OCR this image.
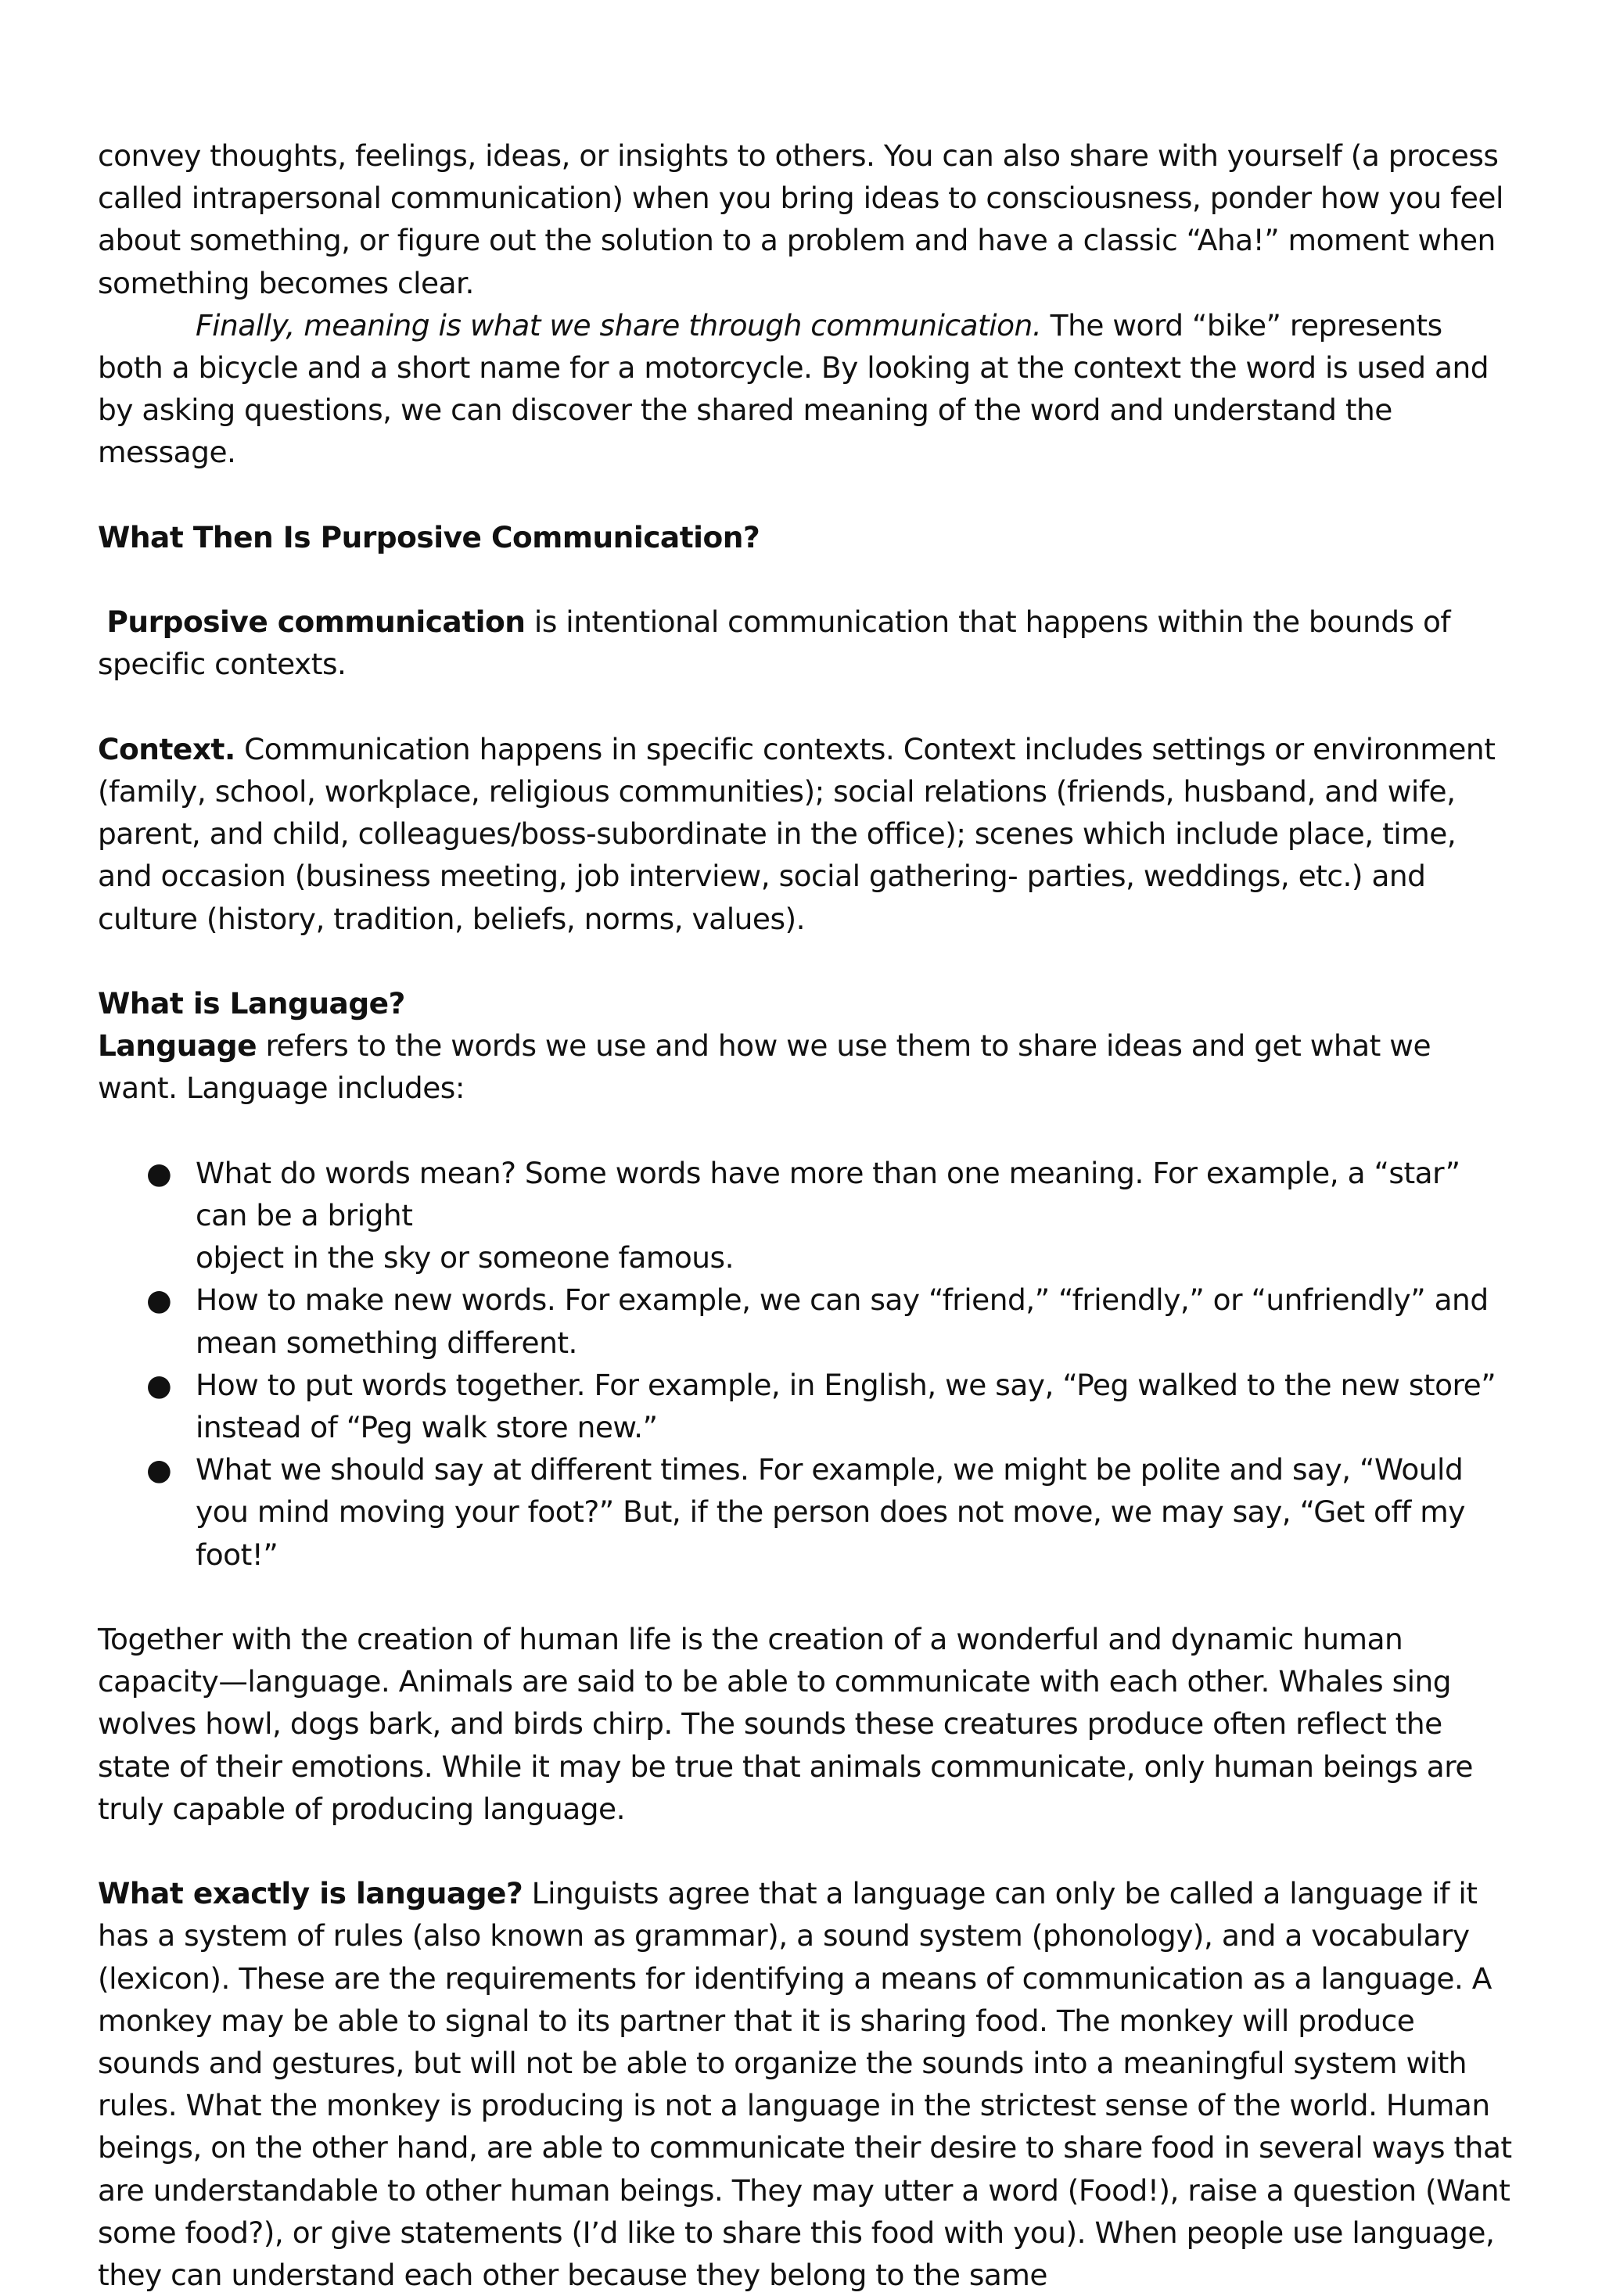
convey thoughts, feelings, ideas, or insights to others. You can also share with yourself (a process called intrapersonal communication) when you bring ideas to consciousness, ponder how you feel about something, or figure out the solution to a problem and have a classic “Aha!” moment when something becomes clear.

Finally, meaning is what we share through communication. The word “bike” represents both a bicycle and a short name for a motorcycle. By looking at the context the word is used and by asking questions, we can discover the shared meaning of the word and understand the message.

What Then Is Purposive Communication?

Purposive communication is intentional communication that happens within the bounds of specific contexts.

Context. Communication happens in specific contexts. Context includes settings or environment (family, school, workplace, religious communities); social relations (friends, husband, and wife, parent, and child, colleagues/boss-subordinate in the office); scenes which include place, time, and occasion (business meeting, job interview, social gathering- parties, weddings, etc.) and culture (history, tradition, beliefs, norms, values).

What is Language?

Language refers to the words we use and how we use them to share ideas and get what we want. Language includes:

● What do words mean? Some words have more than one meaning. For example, a “star” can be a bright
object in the sky or someone famous.
● How to make new words. For example, we can say “friend,” “friendly,” or “unfriendly” and mean something different.
● How to put words together. For example, in English, we say, “Peg walked to the new store” instead of “Peg walk store new.”
● What we should say at different times. For example, we might be polite and say, “Would you mind moving your foot?” But, if the person does not move, we may say, “Get off my foot!”

Together with the creation of human life is the creation of a wonderful and dynamic human capacity—language. Animals are said to be able to communicate with each other. Whales sing wolves howl, dogs bark, and birds chirp. The sounds these creatures produce often reflect the state of their emotions. While it may be true that animals communicate, only human beings are truly capable of producing language.

What exactly is language? Linguists agree that a language can only be called a language if it has a system of rules (also known as grammar), a sound system (phonology), and a vocabulary (lexicon). These are the requirements for identifying a means of communication as a language. A monkey may be able to signal to its partner that it is sharing food. The monkey will produce sounds and gestures, but will not be able to organize the sounds into a meaningful system with rules. What the monkey is producing is not a language in the strictest sense of the world. Human beings, on the other hand, are able to communicate their desire to share food in several ways that are understandable to other human beings. They may utter a word (Food!), raise a question (Want some food?), or give statements (I’d like to share this food with you). When people use language, they can understand each other because they belong to the same
